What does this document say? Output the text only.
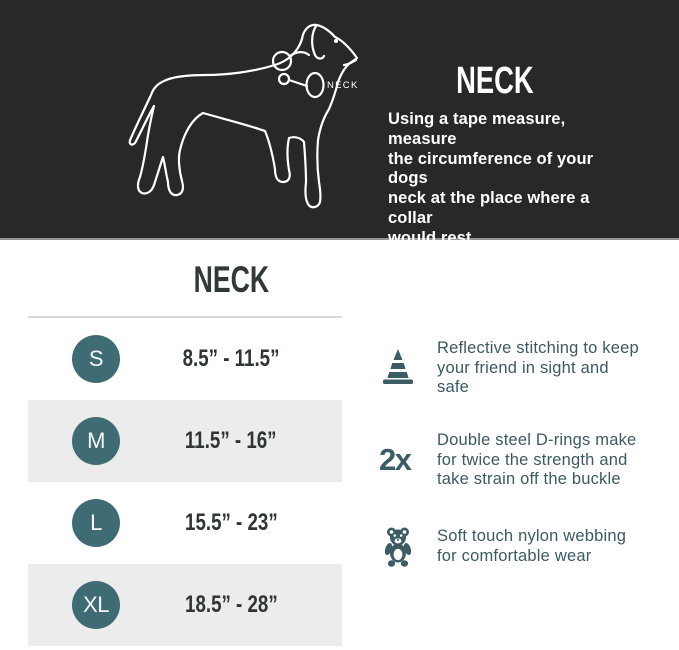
NECK	NECK
Using a tape measure, measure
the circumference of your dogs
neck at the place where a collar
would rest.
NECK
S	8.5” - 11.5”
M	11.5” - 16”
L	15.5” - 23”
XL	18.5” - 28”
Reflective stitching to keep
your friend in sight and
safe
2x
Double steel D-rings make
for twice the strength and
take strain off the buckle
Soft touch nylon webbing
for comfortable wear
